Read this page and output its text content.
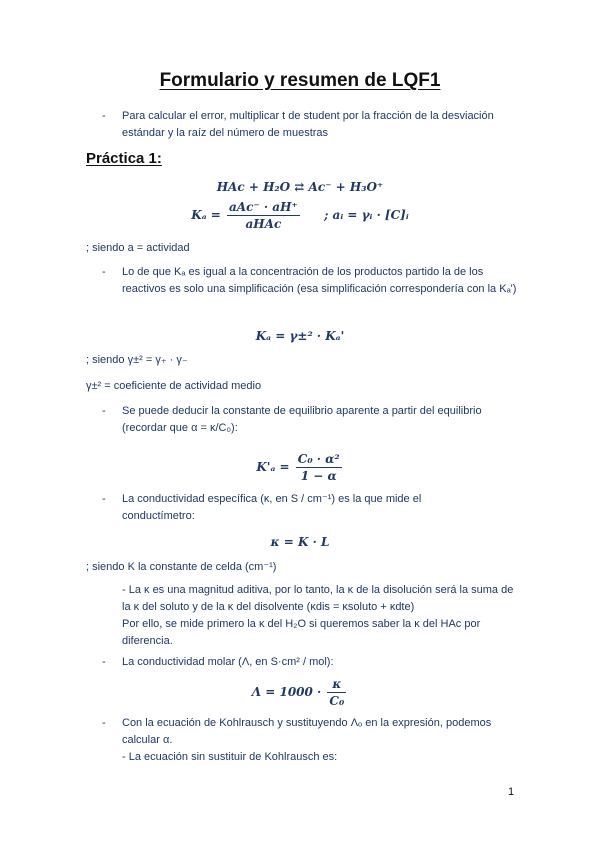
Formulario y resumen de LQF1
- Para calcular el error, multiplicar t de student por la fracción de la desviación estándar y la raíz del número de muestras
Práctica 1:
HAc + H₂O ⇄ Ac⁻ + H₃O⁺
$K_a = \frac{\text{aAc⁻ · aH⁺}}{\text{aHAc}}$ ; aᵢ = γᵢ · [C]ᵢ
; siendo a = actividad
- Lo de que Kₐ es igual a la concentración de los productos partido la de los reactivos es solo una simplificación (esa simplificación correspondería con la Kₐ')
Kₐ = γ±² · Kₐ'
; siendo γ±² = γ₊ · γ₋
γ±² = coeficiente de actividad medio
- Se puede deducir la constante de equilibrio aparente a partir del equilibrio (recordar que α = κ/C₀):
$K'_a = \frac{\text{C₀ · α²}}{1 - \alpha}$
- La conductividad específica (κ, en S / cm⁻¹) es la que mide el conductímetro:
κ = K · L
; siendo K la constante de celda (cm⁻¹)
- La κ es una magnitud aditiva, por lo tanto, la κ de la disolución será la suma de la κ del soluto y de la κ del disolvente (κdis = κsoluto + κdte)
Por ello, se mide primero la κ del H₂O si queremos saber la κ del HAc por diferencia.
- La conductividad molar (Λ, en S·cm² / mol):
$\Lambda = 1000 \cdot \frac{\kappa}{\text{C₀}}$
- Con la ecuación de Kohlrausch y sustituyendo Λₒ en la expresión, podemos calcular α.
- La ecuación sin sustituir de Kohlrausch es:
1
